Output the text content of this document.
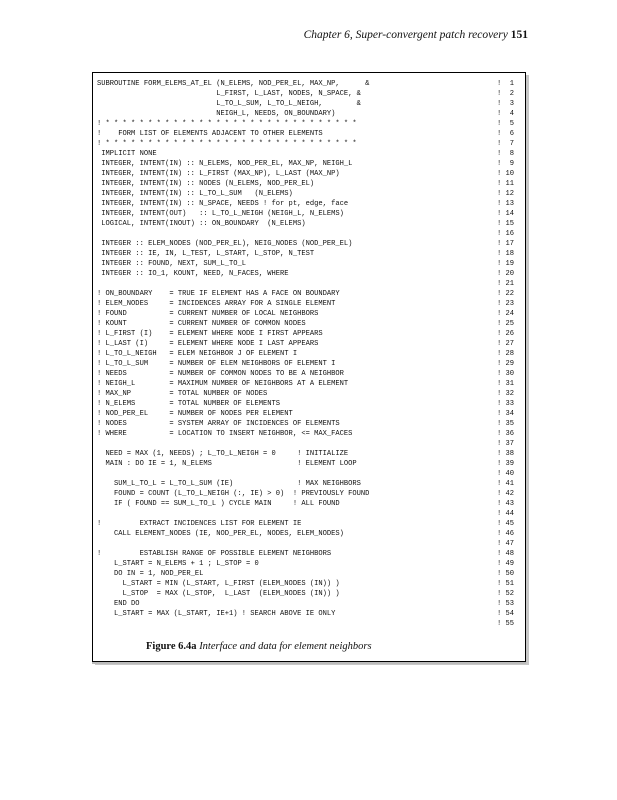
Chapter 6, Super-convergent patch recovery 151
SUBROUTINE FORM_ELEMS_AT_EL (N_ELEMS, NOD_PER_EL, MAX_NP,      &	!  1
L_FIRST, L_LAST, NODES, N_SPACE, &	!  2
L_TO_L_SUM, L_TO_L_NEIGH,        &	!  3
NEIGH_L, NEEDS, ON_BOUNDARY)	!  4
! * * * * * * * * * * * * * * * * * * * * * * * * * * * * * *	!  5
!    FORM LIST OF ELEMENTS ADJACENT TO OTHER ELEMENTS	!  6
! * * * * * * * * * * * * * * * * * * * * * * * * * * * * * *	!  7
IMPLICIT NONE	!  8
INTEGER, INTENT(IN) :: N_ELEMS, NOD_PER_EL, MAX_NP, NEIGH_L	!  9
INTEGER, INTENT(IN) :: L_FIRST (MAX_NP), L_LAST (MAX_NP)	! 10
INTEGER, INTENT(IN) :: NODES (N_ELEMS, NOD_PER_EL)	! 11
INTEGER, INTENT(IN) :: L_TO_L_SUM   (N_ELEMS)	! 12
INTEGER, INTENT(IN) :: N_SPACE, NEEDS ! for pt, edge, face	! 13
INTEGER, INTENT(OUT)   :: L_TO_L_NEIGH (NEIGH_L, N_ELEMS)	! 14
LOGICAL, INTENT(INOUT) :: ON_BOUNDARY  (N_ELEMS)	! 15
! 16
INTEGER :: ELEM_NODES (NOD_PER_EL), NEIG_NODES (NOD_PER_EL)	! 17
INTEGER :: IE, IN, L_TEST, L_START, L_STOP, N_TEST	! 18
INTEGER :: FOUND, NEXT, SUM_L_TO_L	! 19
INTEGER :: IO_1, KOUNT, NEED, N_FACES, WHERE	! 20
! 21
! ON_BOUNDARY    = TRUE IF ELEMENT HAS A FACE ON BOUNDARY	! 22
! ELEM_NODES     = INCIDENCES ARRAY FOR A SINGLE ELEMENT	! 23
! FOUND          = CURRENT NUMBER OF LOCAL NEIGHBORS	! 24
! KOUNT          = CURRENT NUMBER OF COMMON NODES	! 25
! L_FIRST (I)    = ELEMENT WHERE NODE I FIRST APPEARS	! 26
! L_LAST (I)     = ELEMENT WHERE NODE I LAST APPEARS	! 27
! L_TO_L_NEIGH   = ELEM NEIGHBOR J OF ELEMENT I	! 28
! L_TO_L_SUM     = NUMBER OF ELEM NEIGHBORS OF ELEMENT I	! 29
! NEEDS          = NUMBER OF COMMON NODES TO BE A NEIGHBOR	! 30
! NEIGH_L        = MAXIMUM NUMBER OF NEIGHBORS AT A ELEMENT	! 31
! MAX_NP         = TOTAL NUMBER OF NODES	! 32
! N_ELEMS        = TOTAL NUMBER OF ELEMENTS	! 33
! NOD_PER_EL     = NUMBER OF NODES PER ELEMENT	! 34
! NODES          = SYSTEM ARRAY OF INCIDENCES OF ELEMENTS	! 35
! WHERE          = LOCATION TO INSERT NEIGHBOR, <= MAX_FACES	! 36
! 37
NEED = MAX (1, NEEDS) ; L_TO_L_NEIGH = 0     ! INITIALIZE	! 38
MAIN : DO IE = 1, N_ELEMS                    ! ELEMENT LOOP	! 39
! 40
SUM_L_TO_L = L_TO_L_SUM (IE)               ! MAX NEIGHBORS	! 41
FOUND = COUNT (L_TO_L_NEIGH (:, IE) > 0)  ! PREVIOUSLY FOUND	! 42
IF ( FOUND == SUM_L_TO_L ) CYCLE MAIN     ! ALL FOUND	! 43
! 44
!         EXTRACT INCIDENCES LIST FOR ELEMENT IE	! 45
CALL ELEMENT_NODES (IE, NOD_PER_EL, NODES, ELEM_NODES)	! 46
! 47
!         ESTABLISH RANGE OF POSSIBLE ELEMENT NEIGHBORS	! 48
L_START = N_ELEMS + 1 ; L_STOP = 0	! 49
DO IN = 1, NOD_PER_EL	! 50
L_START = MIN (L_START, L_FIRST (ELEM_NODES (IN)) )	! 51
L_STOP  = MAX (L_STOP,  L_LAST  (ELEM_NODES (IN)) )	! 52
END DO	! 53
L_START = MAX (L_START, IE+1) ! SEARCH ABOVE IE ONLY	! 54
! 55
Figure 6.4a Interface and data for element neighbors
